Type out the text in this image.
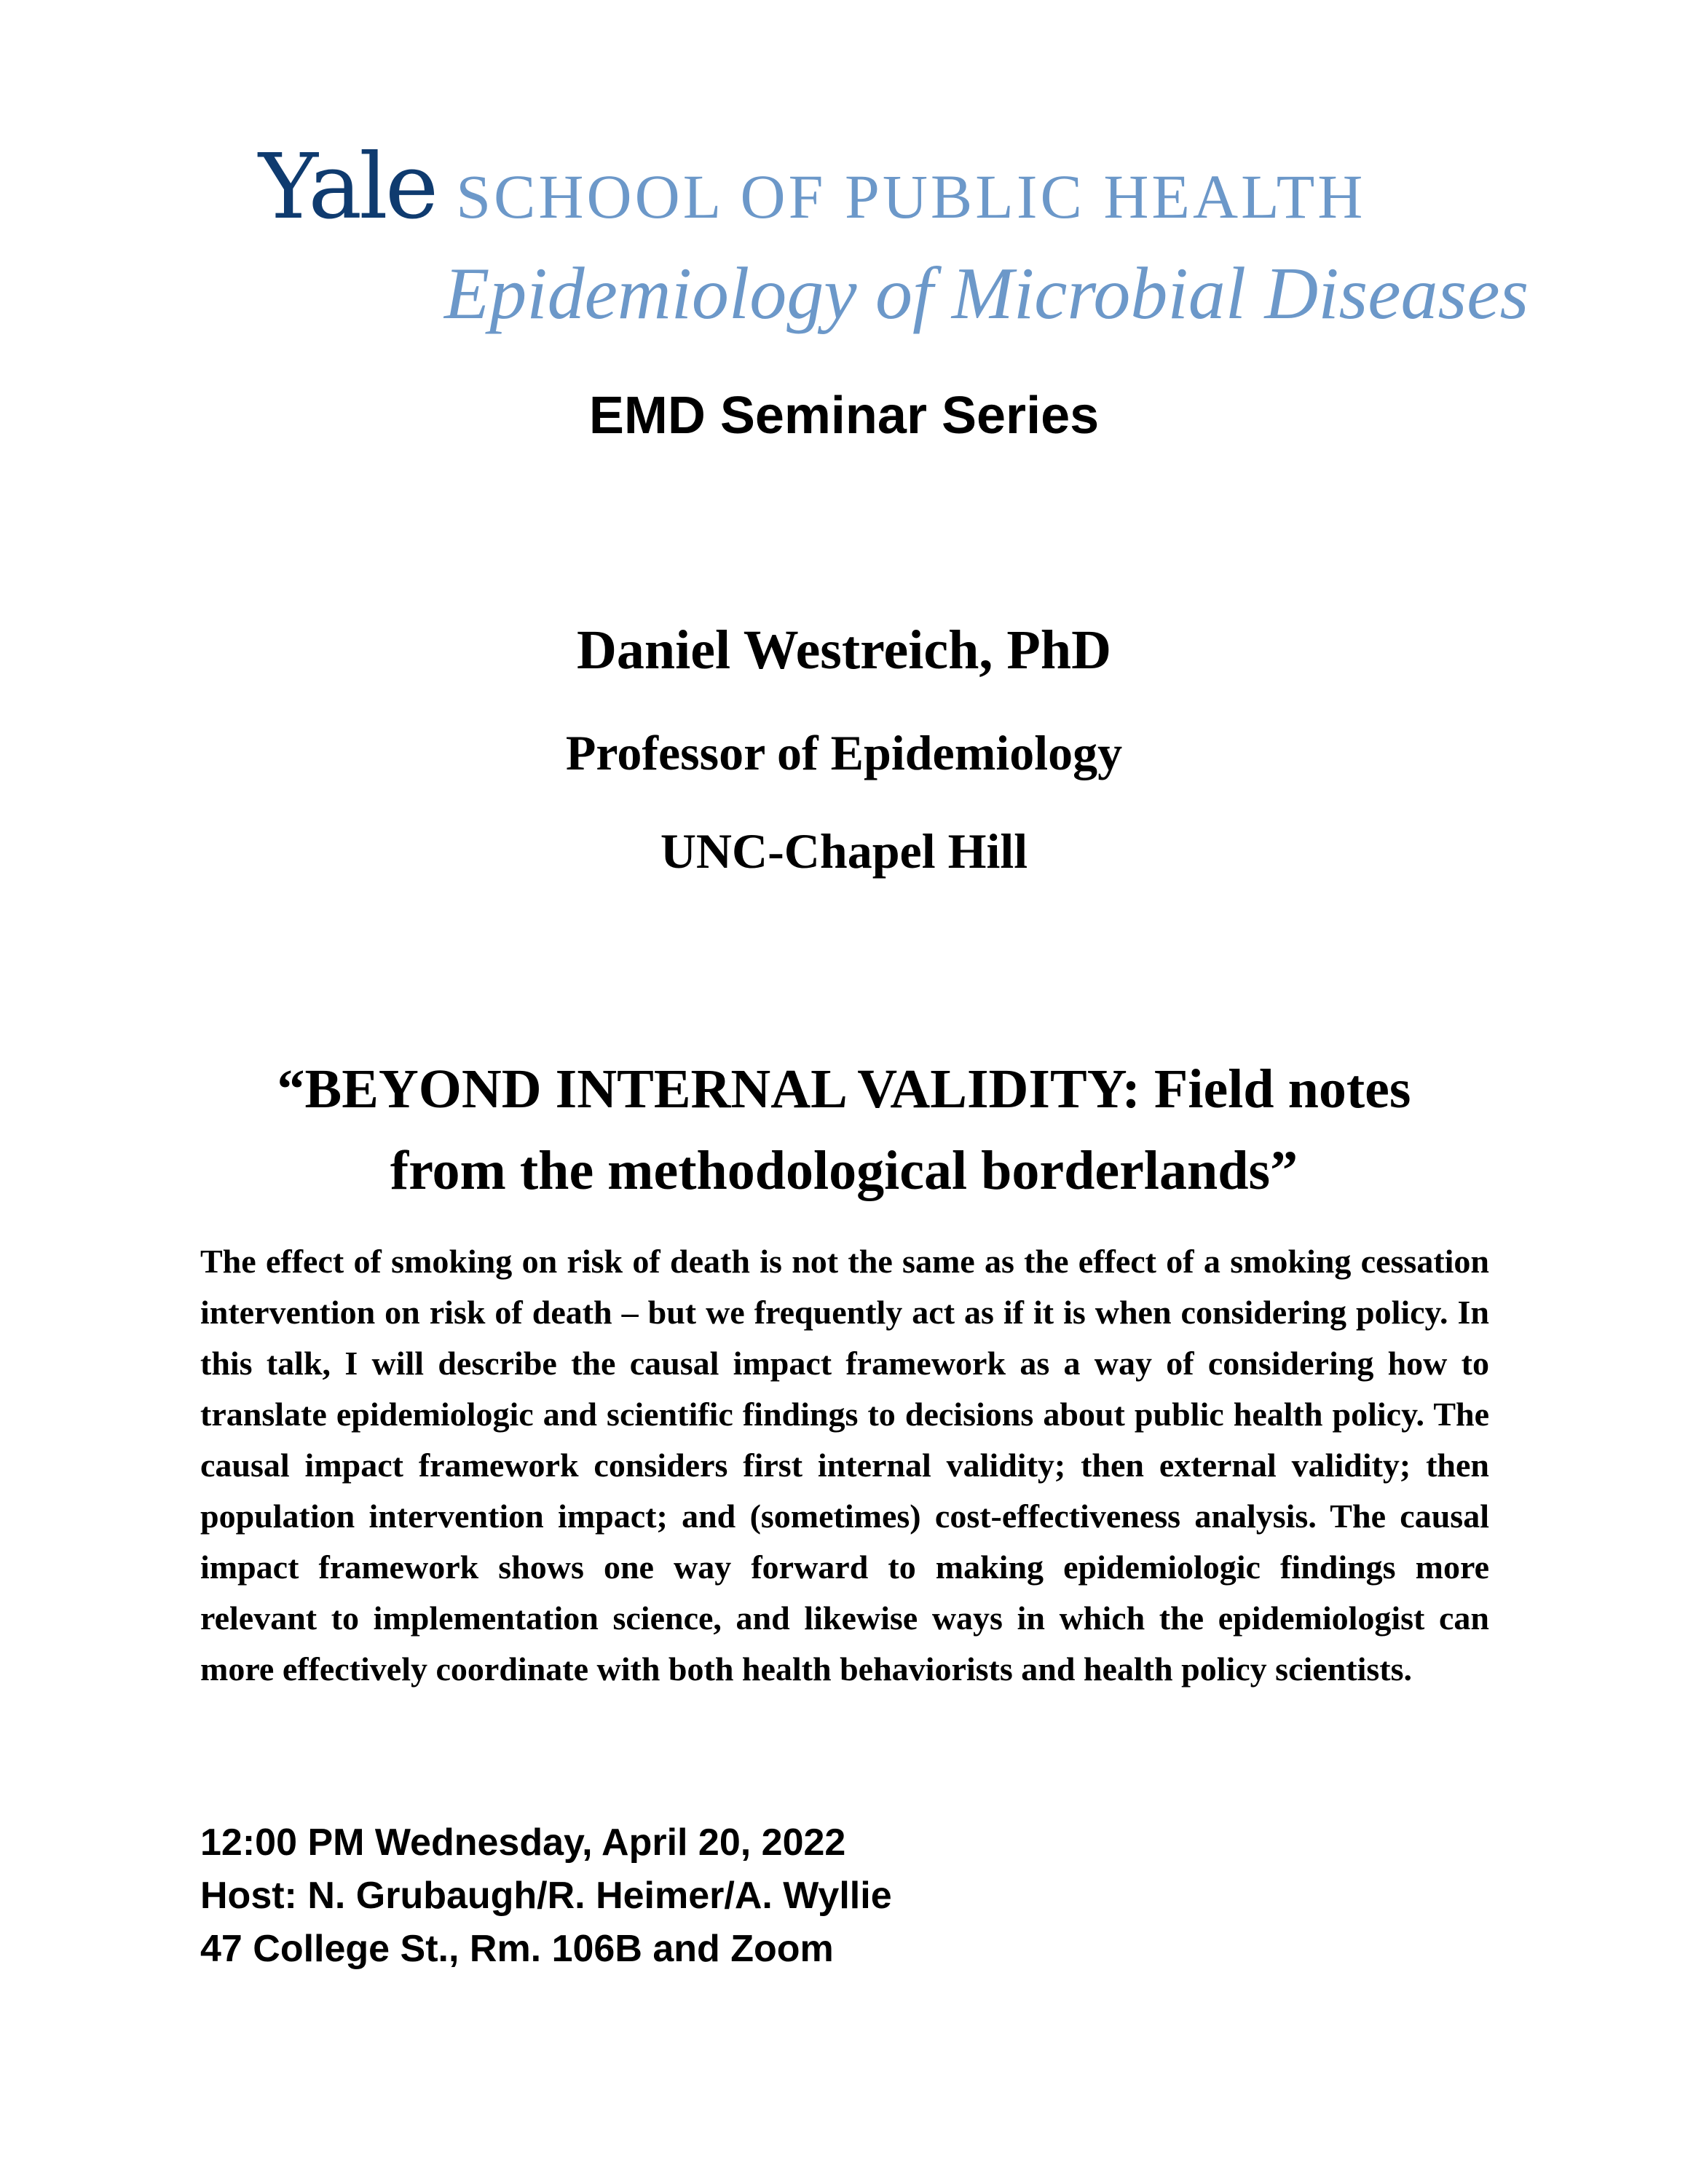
Yale SCHOOL OF PUBLIC HEALTH
Epidemiology of Microbial Diseases
EMD Seminar Series
Daniel Westreich, PhD
Professor of Epidemiology
UNC-Chapel Hill
“BEYOND INTERNAL VALIDITY: Field notes
from the methodological borderlands”

The effect of smoking on risk of death is not the same as the effect of a smoking cessation intervention on risk of death – but we frequently act as if it is when considering policy. In this talk, I will describe the causal impact framework as a way of considering how to translate epidemiologic and scientific findings to decisions about public health policy. The causal impact framework considers first internal validity; then external validity; then population intervention impact; and (sometimes) cost-effectiveness analysis. The causal impact framework shows one way forward to making epidemiologic findings more relevant to implementation science, and likewise ways in which the epidemiologist can more effectively coordinate with both health behaviorists and health policy scientists.

12:00 PM Wednesday, April 20, 2022
Host: N. Grubaugh/R. Heimer/A. Wyllie
47 College St., Rm. 106B and Zoom
